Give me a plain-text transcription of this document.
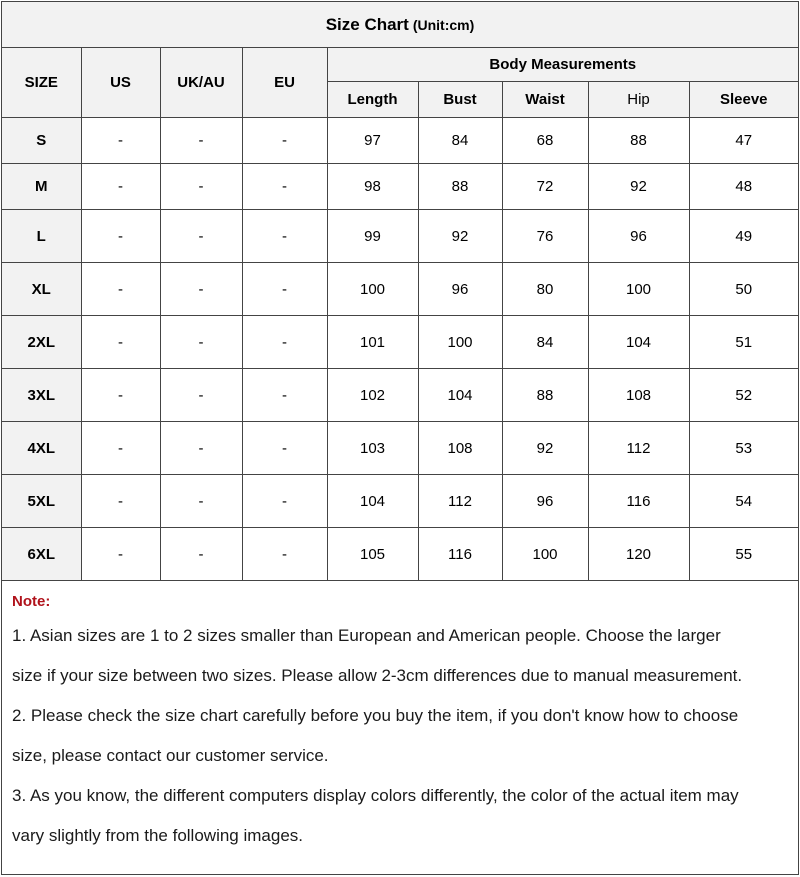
Size Chart (Unit:cm)
SIZE	US	UK/AU	EU	Body Measurements				
				Length	Bust	Waist	Hip	Sleeve
S	-	-	-	97	84	68	88	47
M	-	-	-	98	88	72	92	48
L	-	-	-	99	92	76	96	49
XL	-	-	-	100	96	80	100	50
2XL	-	-	-	101	100	84	104	51
3XL	-	-	-	102	104	88	108	52
4XL	-	-	-	103	108	92	112	53
5XL	-	-	-	104	112	96	116	54
6XL	-	-	-	105	116	100	120	55
Note:
1. Asian sizes are 1 to 2 sizes smaller than European and American people. Choose the larger
size if your size between two sizes. Please allow 2-3cm differences due to manual measurement.
2. Please check the size chart carefully before you buy the item, if you don't know how to choose
size, please contact our customer service.
3. As you know, the different computers display colors differently, the color of the actual item may
vary slightly from the following images.
